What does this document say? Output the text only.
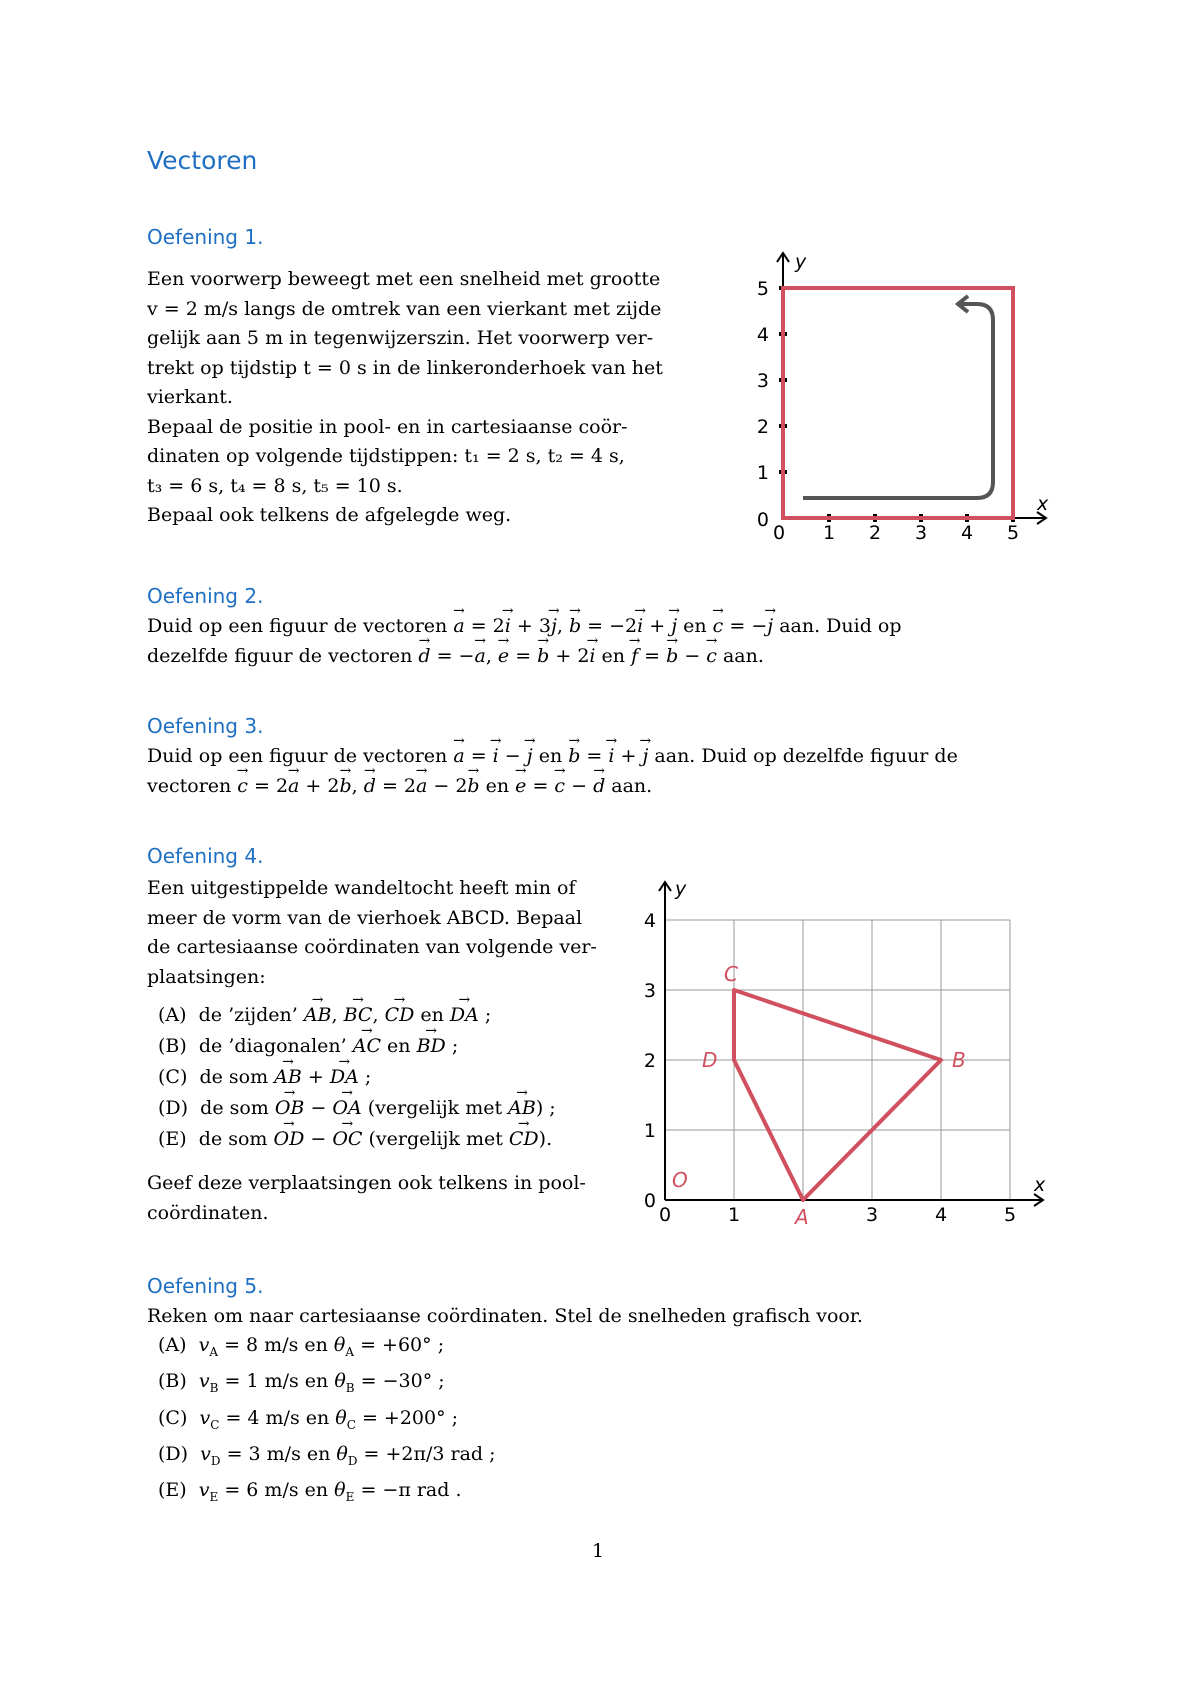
Vectoren
Oefening 1.

Een voorwerp beweegt met een snelheid met grootte

v = 2 m/s langs de omtrek van een vierkant met zijde

gelijk aan 5 m in tegenwijzerszin. Het voorwerp ver-

trekt op tijdstip t = 0 s in de linkeronderhoek van het

vierkant.

Bepaal de positie in pool- en in cartesiaanse coör-

dinaten op volgende tijdstippen: t₁ = 2 s, t₂ = 4 s,

t₃ = 6 s, t₄ = 8 s, t₅ = 10 s.

Bepaal ook telkens de afgelegde weg.

0 1 2 3 4 5
0
1
2
3
4
5
x
y
Oefening 2.

Duid op een figuur de vectoren → a = 2→ i + 3→ j, → b = −2→ i + → j en → c = −→ j aan. Duid op

dezelfde figuur de vectoren → d = −→ a, → e = → b + 2→ i en → f = → b − → c aan.

Oefening 3.

Duid op een figuur de vectoren → a = → i − → j en → b = → i + → j aan. Duid op dezelfde figuur de

vectoren → c = 2→ a + 2→ b, → d = 2→ a − 2→ b en → e = → c − → d aan.

Oefening 4.

Een uitgestippelde wandeltocht heeft min of

meer de vorm van de vierhoek ABCD. Bepaal

de cartesiaanse coördinaten van volgende ver-

plaatsingen:

(A) de ’zijden’ → AB, → BC, → CD en → DA ;
(B) de ’diagonalen’ → AC en → BD ;
(C) de som → AB + → DA ;
(D) de som → OB − → OA (vergelijk met → AB) ;
(E) de som → OD − → OC (vergelijk met → CD).

Geef deze verplaatsingen ook telkens in pool-

coördinaten.	0	1	3	4	5
0
1
2
3
4
x
y
O
A
B
C
D
Oefening 5.

Reken om naar cartesiaanse coördinaten. Stel de snelheden grafisch voor.

(A) $v_A = 8$ m/s en $\theta_A = +60^\circ$ ;
(B) $v_B = 1$ m/s en $\theta_B = -30^\circ$ ;
(C) $v_C = 4$ m/s en $\theta_C = +200^\circ$ ;
(D) $v_D = 3$ m/s en $\theta_D = +2\pi/3$ rad ;
(E) $v_E = 6$ m/s en $\theta_E = -\pi$ rad .
1
